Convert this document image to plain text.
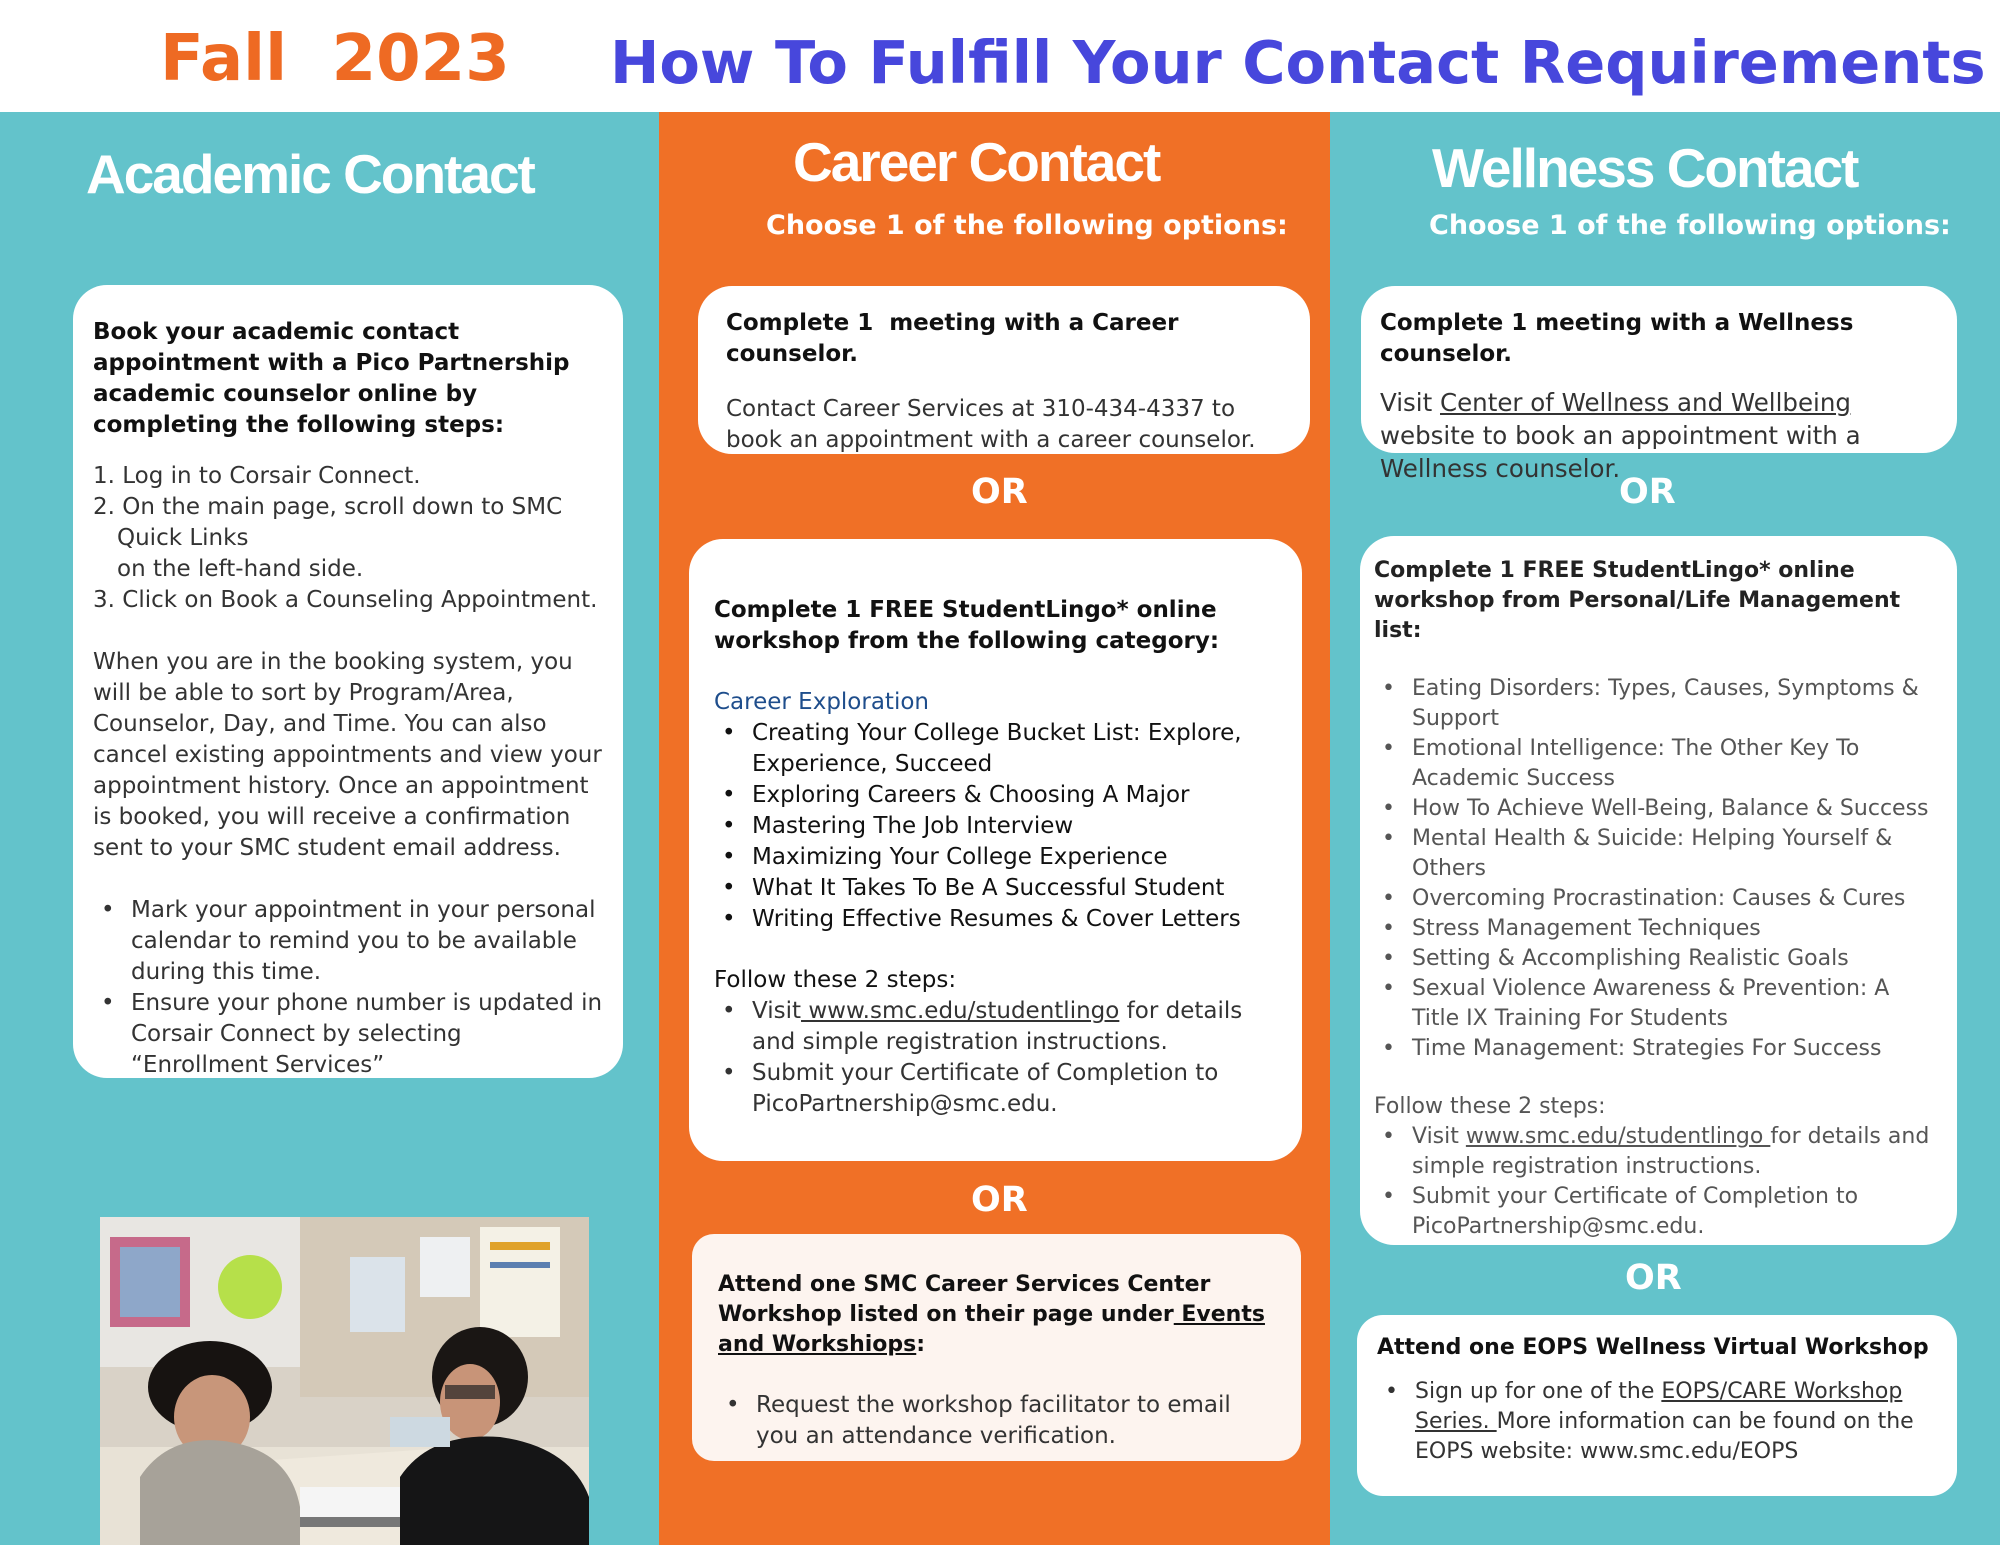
Fall  2023 How To Fulfill Your Contact Requirements
Academic Contact
Book your academic contact appointment with a Pico Partnership academic counselor online by completing the following steps:
1. Log in to Corsair Connect.
2. On the main page, scroll down to SMC Quick Links
on the left-hand side.
3. Click on Book a Counseling Appointment.
When you are in the booking system, you will be able to sort by Program/Area, Counselor, Day, and Time. You can also cancel existing appointments and view your appointment history. Once an appointment is booked, you will receive a confirmation sent to your SMC student email address.
• Mark your appointment in your personal calendar to remind you to be available during this time.
• Ensure your phone number is updated in Corsair Connect by selecting “Enrollment Services”
Career Contact
Choose 1 of the following options:
Complete 1  meeting with a Career counselor.
Contact Career Services at 310-434-4337 to  book an appointment with a career counselor.
OR
Complete 1 FREE StudentLingo* online workshop from the following category:
Career Exploration
• Creating Your College Bucket List: Explore, Experience, Succeed
• Exploring Careers & Choosing A Major
• Mastering The Job Interview
• Maximizing Your College Experience
• What It Takes To Be A Successful Student
• Writing Effective Resumes & Cover Letters
Follow these 2 steps:
• Visit www.smc.edu/studentlingo for details and simple registration instructions.
• Submit your Certificate of Completion to PicoPartnership@smc.edu.
OR
Attend one SMC Career Services Center Workshop listed on their page under Events and Workshiops:
• Request the workshop facilitator to email you an attendance verification.
Wellness Contact
Choose 1 of the following options:
Complete 1 meeting with a Wellness counselor.
Visit Center of Wellness and Wellbeing website to book an appointment with a Wellness counselor.
OR
Complete 1 FREE StudentLingo* online workshop from Personal/Life Management list:
• Eating Disorders: Types, Causes, Symptoms & Support
• Emotional Intelligence: The Other Key To Academic Success
• How To Achieve Well-Being, Balance & Success
• Mental Health & Suicide: Helping Yourself & Others
• Overcoming Procrastination: Causes & Cures
• Stress Management Techniques
• Setting & Accomplishing Realistic Goals
• Sexual Violence Awareness & Prevention: A Title IX Training For Students
• Time Management: Strategies For Success
Follow these 2 steps:
• Visit www.smc.edu/studentlingo for details and simple registration instructions.
• Submit your Certificate of Completion to PicoPartnership@smc.edu.
OR
Attend one EOPS Wellness Virtual Workshop
• Sign up for one of the EOPS/CARE Workshop Series. More information can be found on the EOPS website: www.smc.edu/EOPS
